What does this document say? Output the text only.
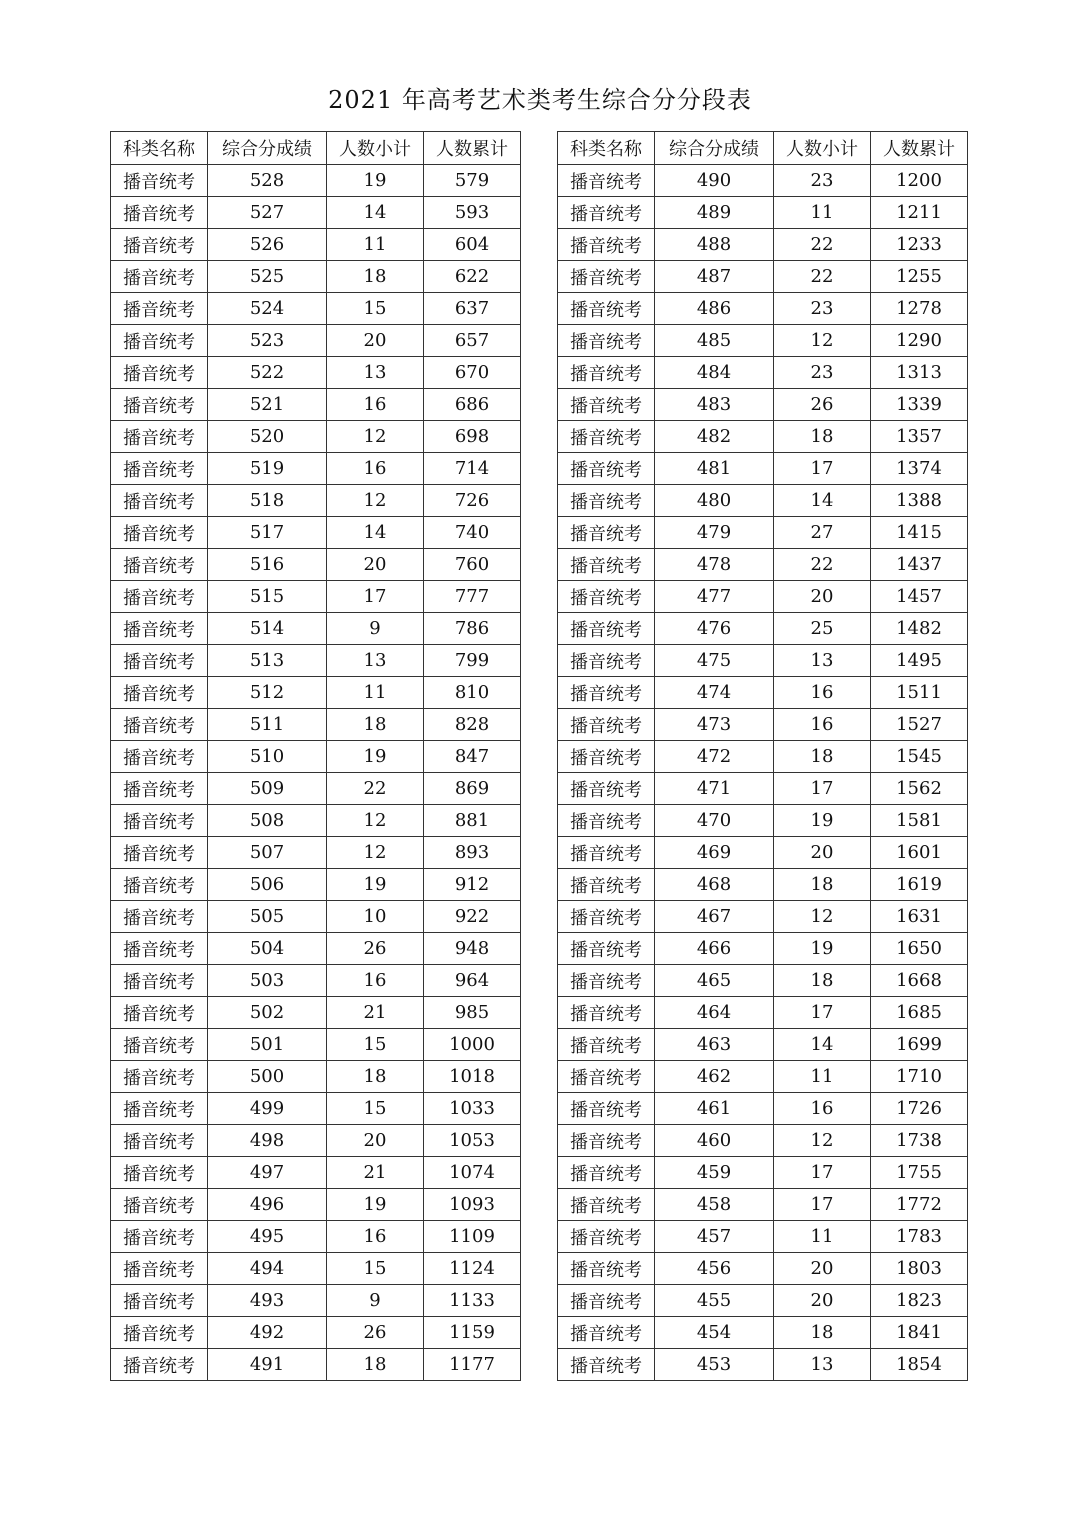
2021 年高考艺术类考生综合分分段表
科类名称	综合分成绩	人数小计	人数累计
播音统考	528	19	579
播音统考	527	14	593
播音统考	526	11	604
播音统考	525	18	622
播音统考	524	15	637
播音统考	523	20	657
播音统考	522	13	670
播音统考	521	16	686
播音统考	520	12	698
播音统考	519	16	714
播音统考	518	12	726
播音统考	517	14	740
播音统考	516	20	760
播音统考	515	17	777
播音统考	514	9	786
播音统考	513	13	799
播音统考	512	11	810
播音统考	511	18	828
播音统考	510	19	847
播音统考	509	22	869
播音统考	508	12	881
播音统考	507	12	893
播音统考	506	19	912
播音统考	505	10	922
播音统考	504	26	948
播音统考	503	16	964
播音统考	502	21	985
播音统考	501	15	1000
播音统考	500	18	1018
播音统考	499	15	1033
播音统考	498	20	1053
播音统考	497	21	1074
播音统考	496	19	1093
播音统考	495	16	1109
播音统考	494	15	1124
播音统考	493	9	1133
播音统考	492	26	1159
播音统考	491	18	1177
科类名称	综合分成绩	人数小计	人数累计
播音统考	490	23	1200
播音统考	489	11	1211
播音统考	488	22	1233
播音统考	487	22	1255
播音统考	486	23	1278
播音统考	485	12	1290
播音统考	484	23	1313
播音统考	483	26	1339
播音统考	482	18	1357
播音统考	481	17	1374
播音统考	480	14	1388
播音统考	479	27	1415
播音统考	478	22	1437
播音统考	477	20	1457
播音统考	476	25	1482
播音统考	475	13	1495
播音统考	474	16	1511
播音统考	473	16	1527
播音统考	472	18	1545
播音统考	471	17	1562
播音统考	470	19	1581
播音统考	469	20	1601
播音统考	468	18	1619
播音统考	467	12	1631
播音统考	466	19	1650
播音统考	465	18	1668
播音统考	464	17	1685
播音统考	463	14	1699
播音统考	462	11	1710
播音统考	461	16	1726
播音统考	460	12	1738
播音统考	459	17	1755
播音统考	458	17	1772
播音统考	457	11	1783
播音统考	456	20	1803
播音统考	455	20	1823
播音统考	454	18	1841
播音统考	453	13	1854
